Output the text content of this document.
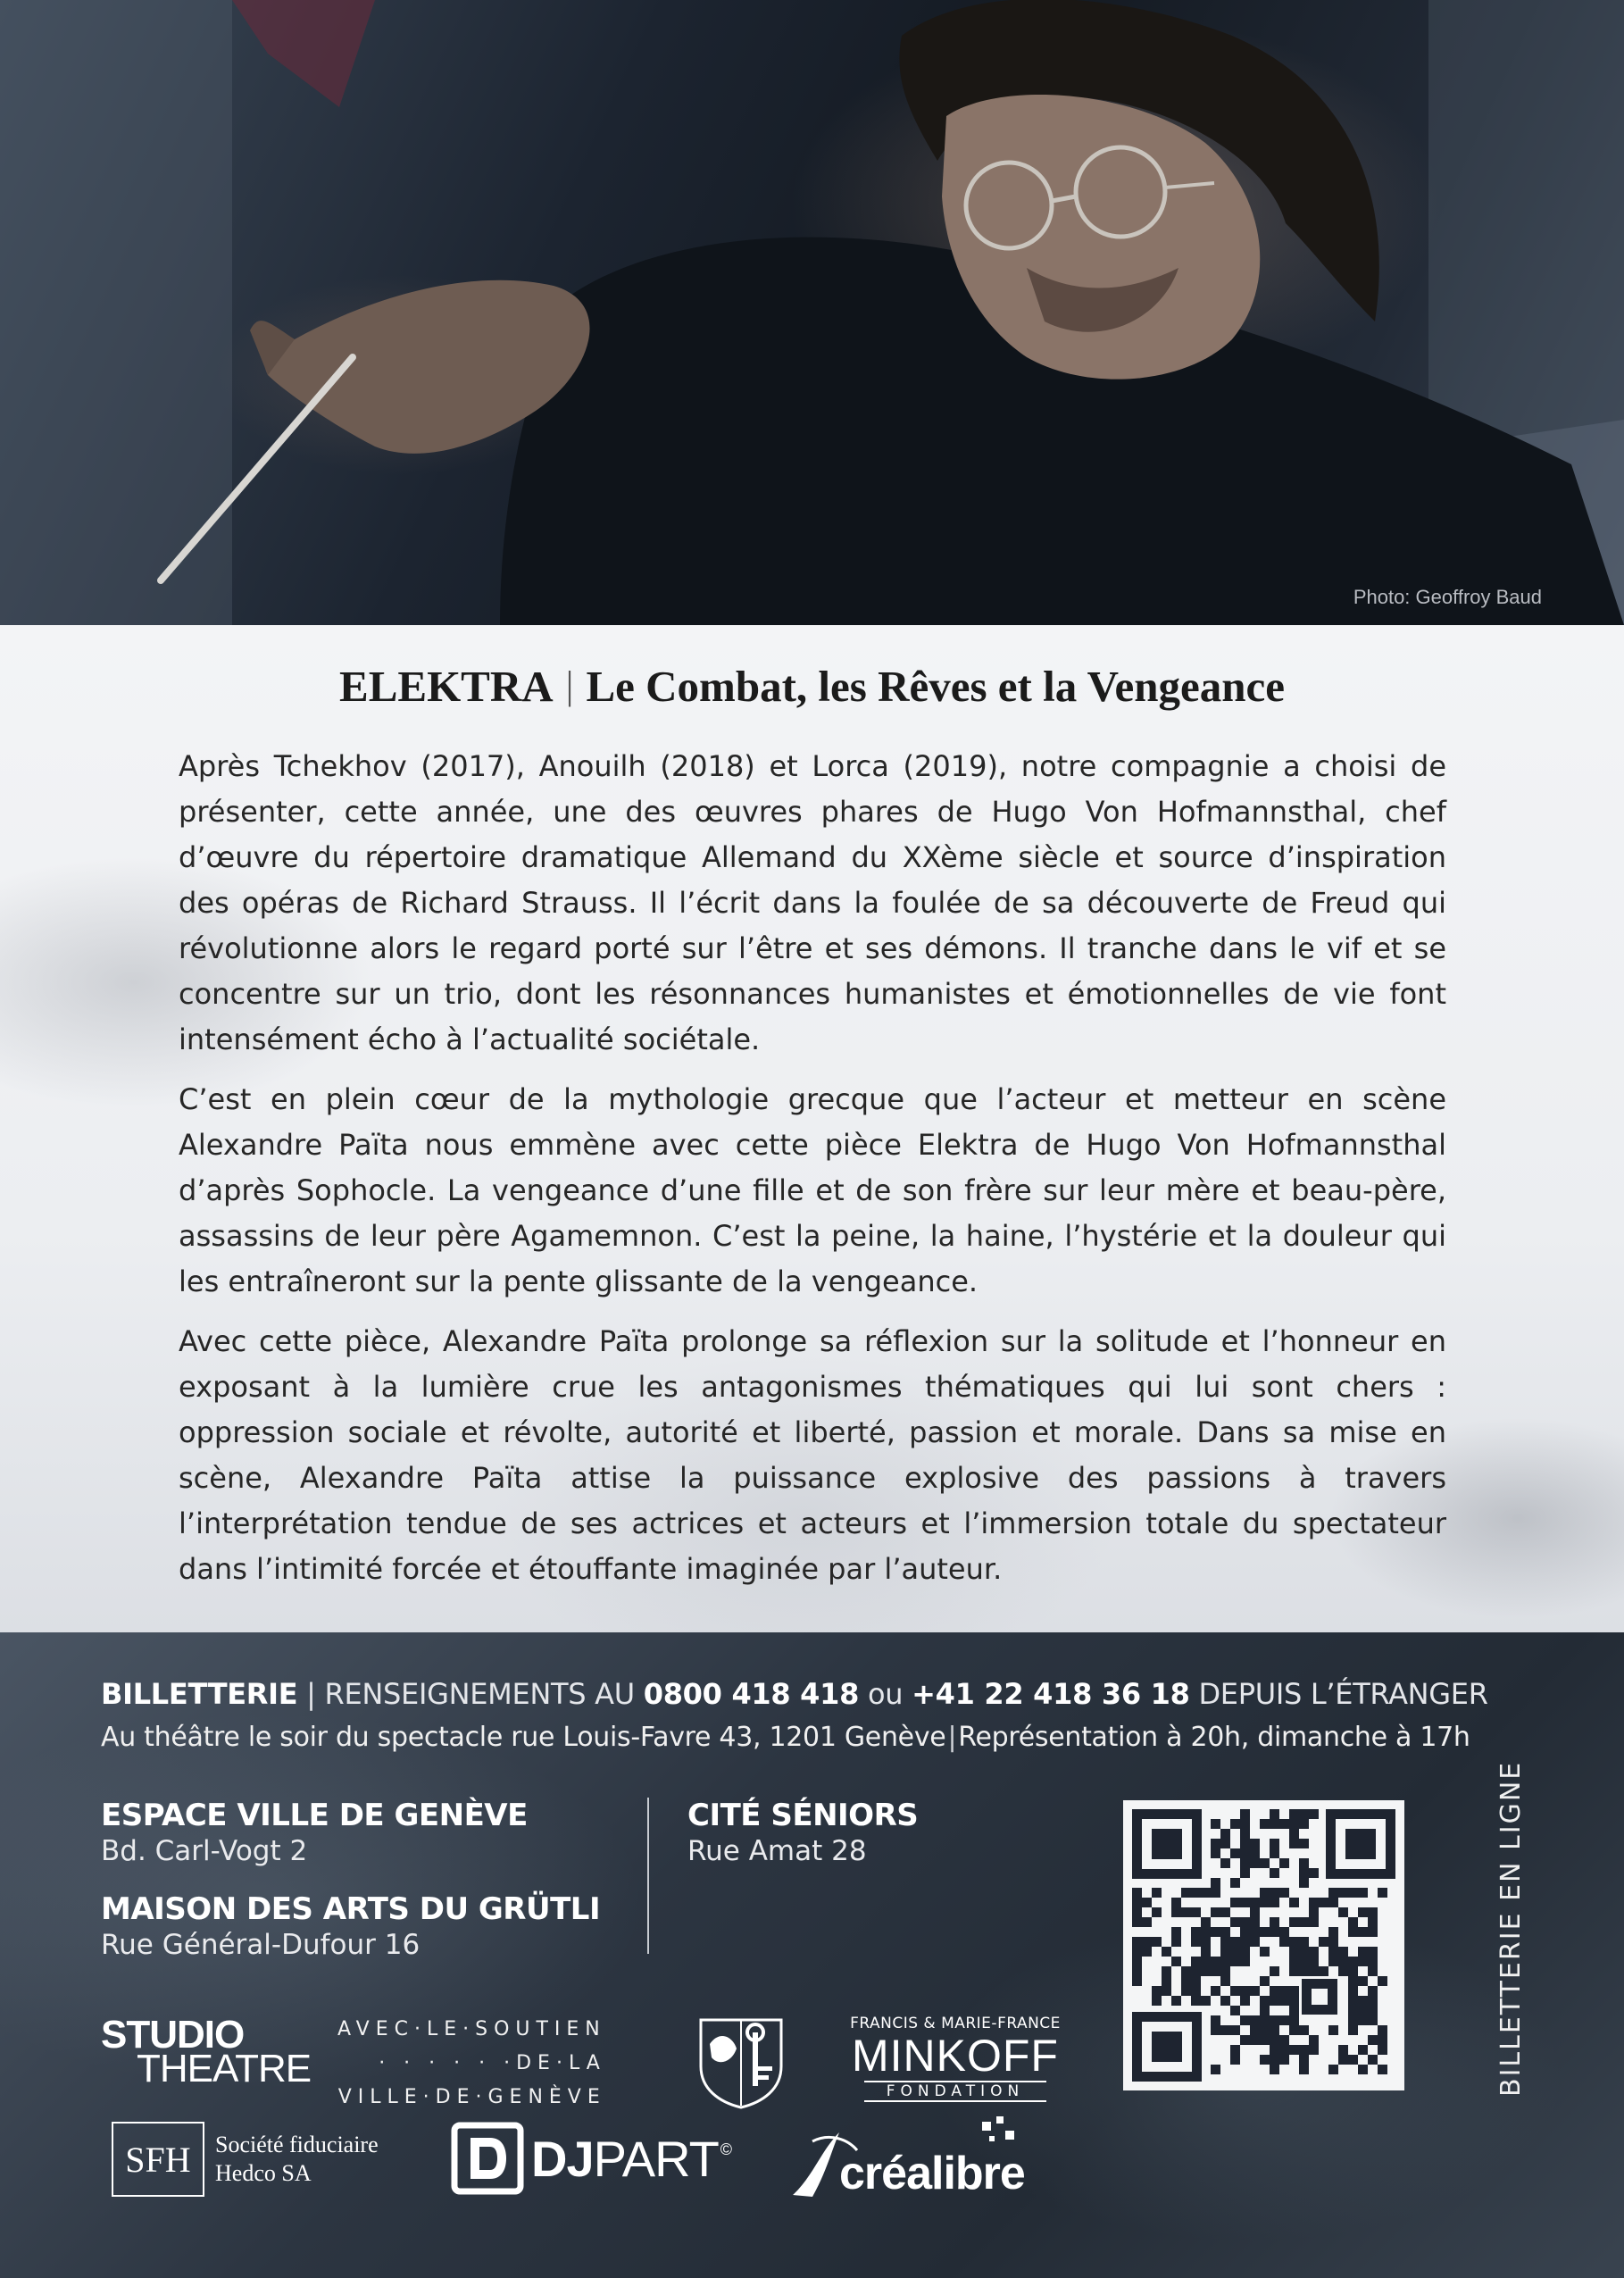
Photo: Geoffroy Baud
ELEKTRA | Le Combat, les Rêves et la Vengeance

Après Tchekhov (2017), Anouilh (2018) et Lorca (2019), notre compagnie a choisi de présenter, cette année, une des œuvres phares de Hugo Von Hofmannsthal, chef d’œuvre du répertoire dramatique Allemand du XXème siècle et source d’inspiration des opéras de Richard Strauss. Il l’écrit dans la foulée de sa découverte de Freud qui révolutionne alors le regard porté sur l’être et ses démons. Il tranche dans le vif et se concentre sur un trio, dont les résonnances humanistes et émotionnelles de vie font intensément écho à l’actualité sociétale.

C’est en plein cœur de la mythologie grecque que l’acteur et metteur en scène Alexandre Païta nous emmène avec cette pièce Elektra de Hugo Von Hofmannsthal d’après Sophocle. La vengeance d’une fille et de son frère sur leur mère et beau-père, assassins de leur père Agamemnon. C’est la peine, la haine, l’hystérie et la douleur qui les entraîneront sur la pente glissante de la vengeance.

Avec cette pièce, Alexandre Païta prolonge sa réflexion sur la solitude et l’honneur en exposant à la lumière crue les antagonismes thématiques qui lui sont chers : oppression sociale et révolte, autorité et liberté, passion et morale. Dans sa mise en scène, Alexandre Païta attise la puissance explosive des passions à travers l’interprétation tendue de ses actrices et acteurs et l’immersion totale du spectateur dans l’intimité forcée et étouffante imaginée par l’auteur.

BILLETTERIE | RENSEIGNEMENTS AU 0800 418 418 ou +41 22 418 36 18 DEPUIS L’ÉTRANGER
Au théâtre le soir du spectacle rue Louis-Favre 43, 1201 Genève|Représentation à 20h, dimanche à 17h
ESPACE VILLE DE GENÈVE
Bd. Carl-Vogt 2
MAISON DES ARTS DU GRÜTLI
Rue Général-Dufour 16
CITÉ SÉNIORS
Rue Amat 28	BILLETTERIE EN LIGNE
STUDIO
THEATRE
AVEC·LE·SOUTIEN
· · · · · ·DE·LA
VILLE·DE·GENÈVE
FRANCIS & MARIE-FRANCE
MINKOFF
FONDATION
SFH	Société fiduciaire
Hedco SA	DJPART © créalibre
